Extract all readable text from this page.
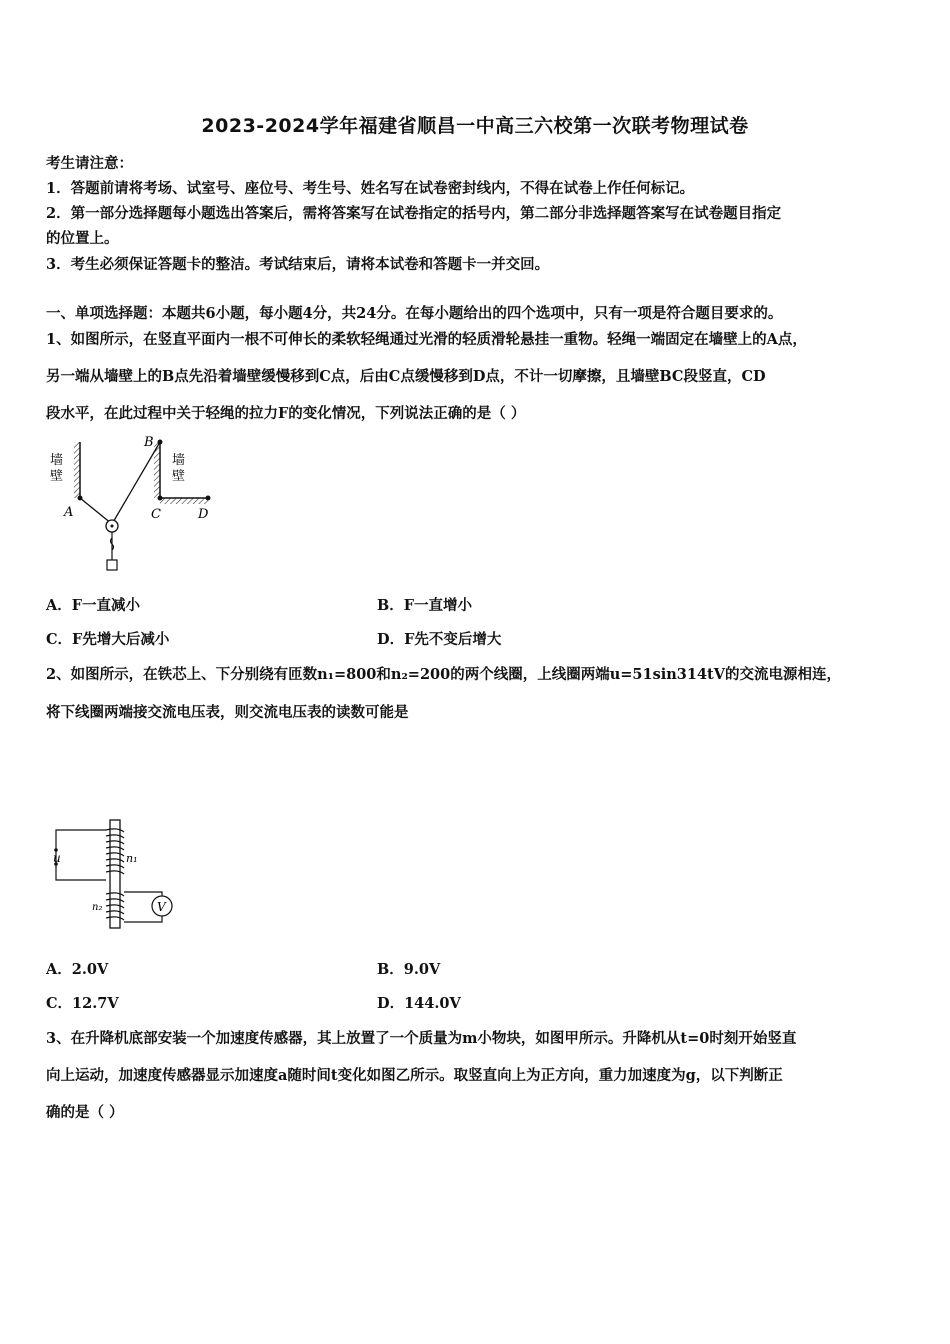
2023-2024学年福建省顺昌一中高三六校第一次联考物理试卷
考生请注意：
1．答题前请将考场、试室号、座位号、考生号、姓名写在试卷密封线内，不得在试卷上作任何标记。
2．第一部分选择题每小题选出答案后，需将答案写在试卷指定的括号内，第二部分非选择题答案写在试卷题目指定
的位置上。
3．考生必须保证答题卡的整洁。考试结束后，请将本试卷和答题卡一并交回。
一、单项选择题：本题共6小题，每小题4分，共24分。在每小题给出的四个选项中，只有一项是符合题目要求的。
1、如图所示，在竖直平面内一根不可伸长的柔软轻绳通过光滑的轻质滑轮悬挂一重物。轻绳一端固定在墙壁上的A点，
另一端从墙壁上的B点先沿着墙壁缓慢移到C点，后由C点缓慢移到D点，不计一切摩擦，且墙壁BC段竖直，CD
段水平，在此过程中关于轻绳的拉力F的变化情况，下列说法正确的是（ ）
墙壁
墙壁
A
B
C	D
A．F一直减小	B．F一直增小
C．F先增大后减小	D．F先不变后增大
2、如图所示，在铁芯上、下分别绕有匝数n₁=800和n₂=200的两个线圈，上线圈两端u=51sin314tV的交流电源相连，
将下线圈两端接交流电压表，则交流电压表的读数可能是
u	n₁
n₂	V
A．2.0V	B．9.0V
C．12.7V	D．144.0V
3、在升降机底部安装一个加速度传感器，其上放置了一个质量为m小物块，如图甲所示。升降机从t=0时刻开始竖直
向上运动，加速度传感器显示加速度a随时间t变化如图乙所示。取竖直向上为正方向，重力加速度为g，以下判断正
确的是（ ）
